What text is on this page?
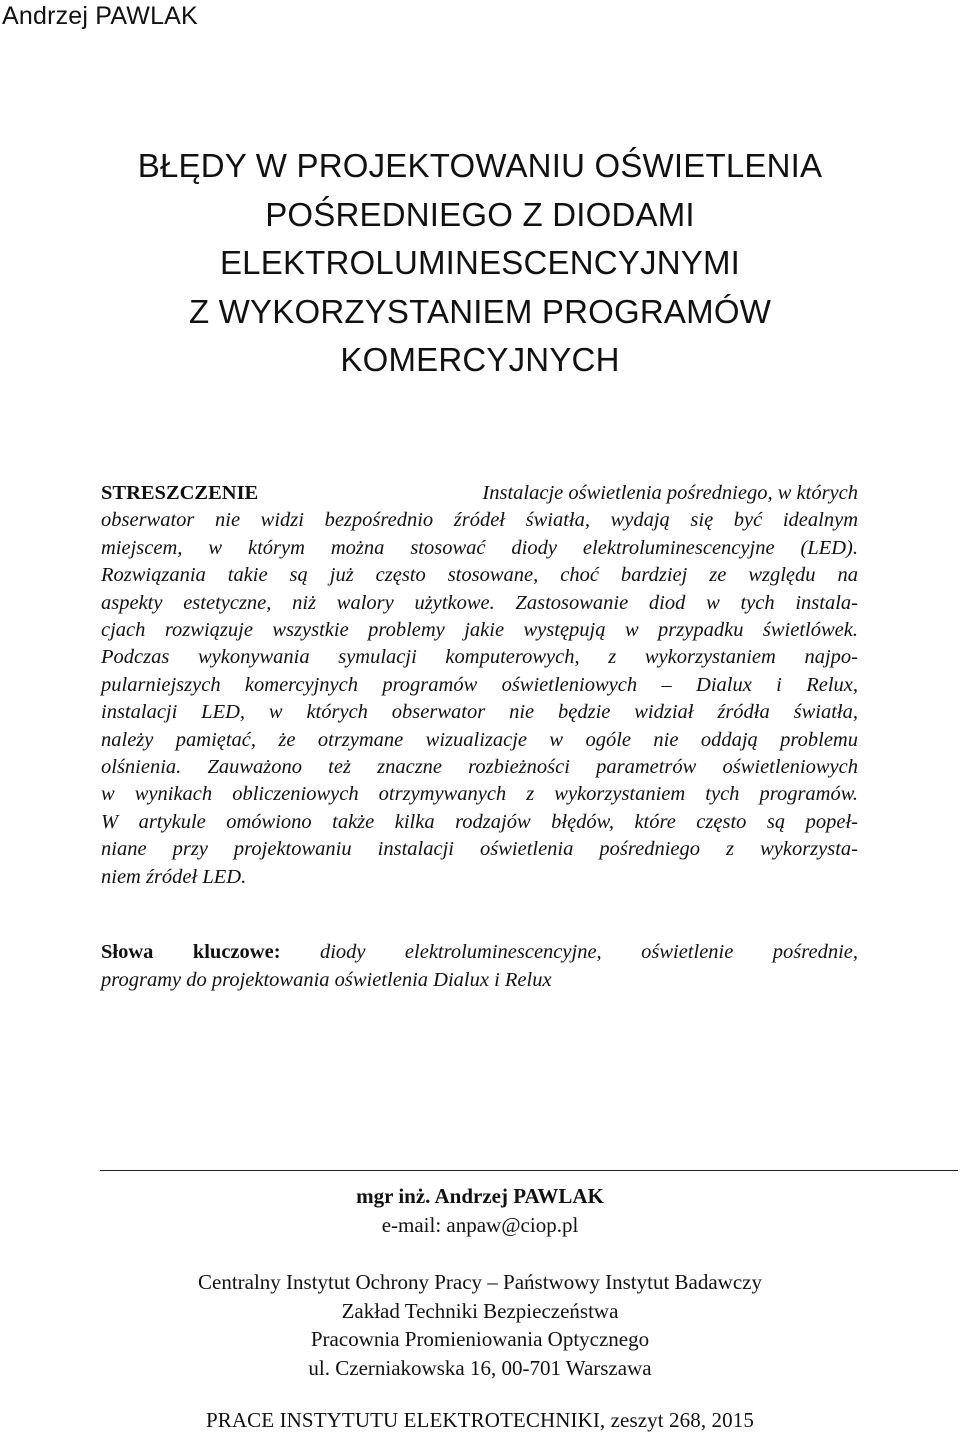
Andrzej PAWLAK
BŁĘDY W PROJEKTOWANIU OŚWIETLENIA
POŚREDNIEGO Z DIODAMI
ELEKTROLUMINESCENCYJNYMI
Z WYKORZYSTANIEM PROGRAMÓW
KOMERCYJNYCH
STRESZCZENIE	Instalacje oświetlenia pośredniego, w których
obserwator nie widzi bezpośrednio źródeł światła, wydają się być idealnym
miejscem, w którym można stosować diody elektroluminescencyjne (LED).
Rozwiązania takie są już często stosowane, choć bardziej ze względu na
aspekty estetyczne, niż walory użytkowe. Zastosowanie diod w tych instala-
cjach rozwiązuje wszystkie problemy jakie występują w przypadku świetlówek.
Podczas wykonywania symulacji komputerowych, z wykorzystaniem najpo-
pularniejszych komercyjnych programów oświetleniowych – Dialux i Relux,
instalacji LED, w których obserwator nie będzie widział źródła światła,
należy pamiętać, że otrzymane wizualizacje w ogóle nie oddają problemu
olśnienia. Zauważono też znaczne rozbieżności parametrów oświetleniowych
w wynikach obliczeniowych otrzymywanych z wykorzystaniem tych programów.
W artykule omówiono także kilka rodzajów błędów, które często są popeł-
niane przy projektowaniu instalacji oświetlenia pośredniego z wykorzysta-
niem źródeł LED.
Słowa kluczowe: diody elektroluminescencyjne, oświetlenie pośrednie,
programy do projektowania oświetlenia Dialux i Relux
mgr inż. Andrzej PAWLAK
e-mail: anpaw@ciop.pl
Centralny Instytut Ochrony Pracy – Państwowy Instytut Badawczy
Zakład Techniki Bezpieczeństwa
Pracownia Promieniowania Optycznego
ul. Czerniakowska 16, 00-701 Warszawa
PRACE INSTYTUTU ELEKTROTECHNIKI, zeszyt 268, 2015
